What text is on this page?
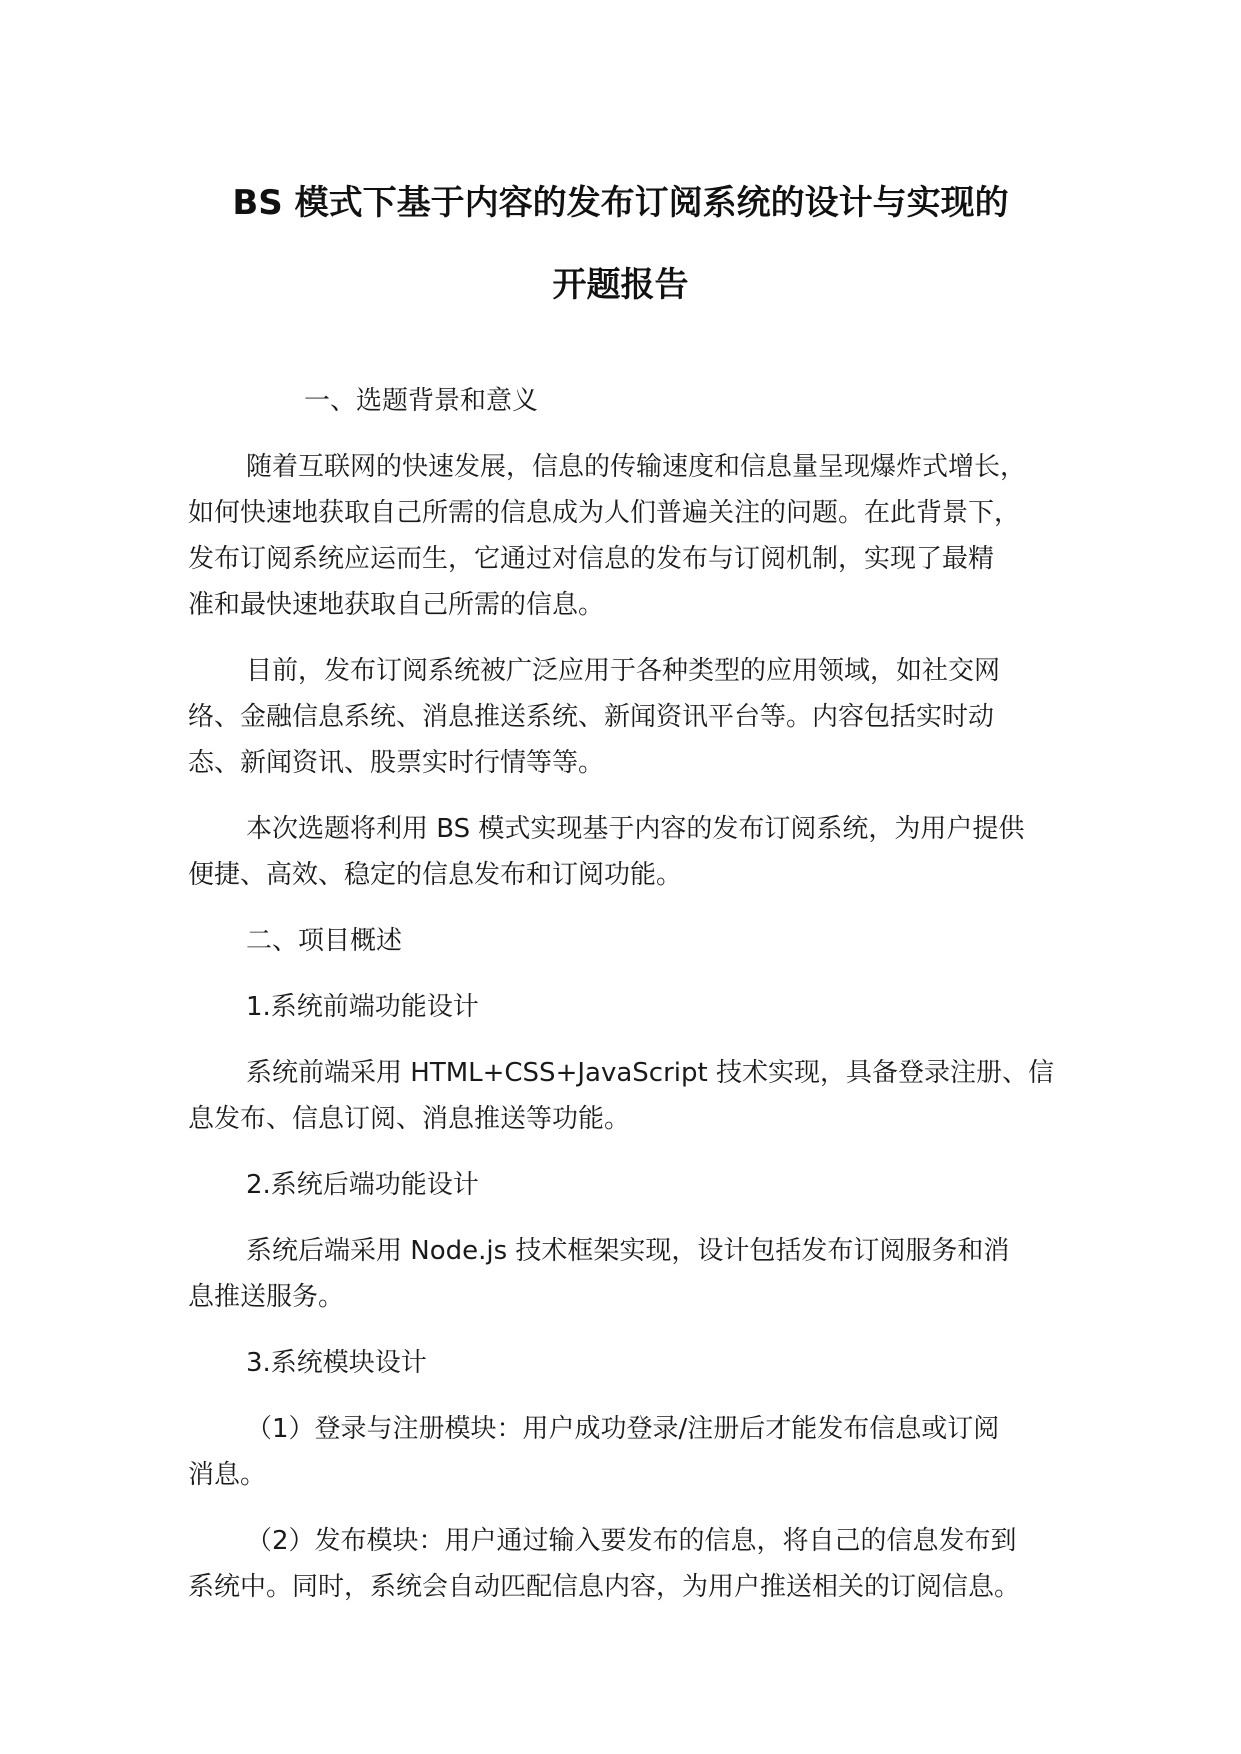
BS 模式下基于内容的发布订阅系统的设计与实现的
开题报告
一、选题背景和意义
随着互联网的快速发展，信息的传输速度和信息量呈现爆炸式增长，
如何快速地获取自己所需的信息成为人们普遍关注的问题。在此背景下，
发布订阅系统应运而生，它通过对信息的发布与订阅机制，实现了最精
准和最快速地获取自己所需的信息。
目前，发布订阅系统被广泛应用于各种类型的应用领域，如社交网
络、金融信息系统、消息推送系统、新闻资讯平台等。内容包括实时动
态、新闻资讯、股票实时行情等等。
本次选题将利用 BS 模式实现基于内容的发布订阅系统，为用户提供
便捷、高效、稳定的信息发布和订阅功能。
二、项目概述
1.系统前端功能设计
系统前端采用 HTML+CSS+JavaScript 技术实现，具备登录注册、信
息发布、信息订阅、消息推送等功能。
2.系统后端功能设计
系统后端采用 Node.js 技术框架实现，设计包括发布订阅服务和消
息推送服务。
3.系统模块设计
（1）登录与注册模块：用户成功登录/注册后才能发布信息或订阅
消息。
（2）发布模块：用户通过输入要发布的信息，将自己的信息发布到
系统中。同时，系统会自动匹配信息内容，为用户推送相关的订阅信息。
